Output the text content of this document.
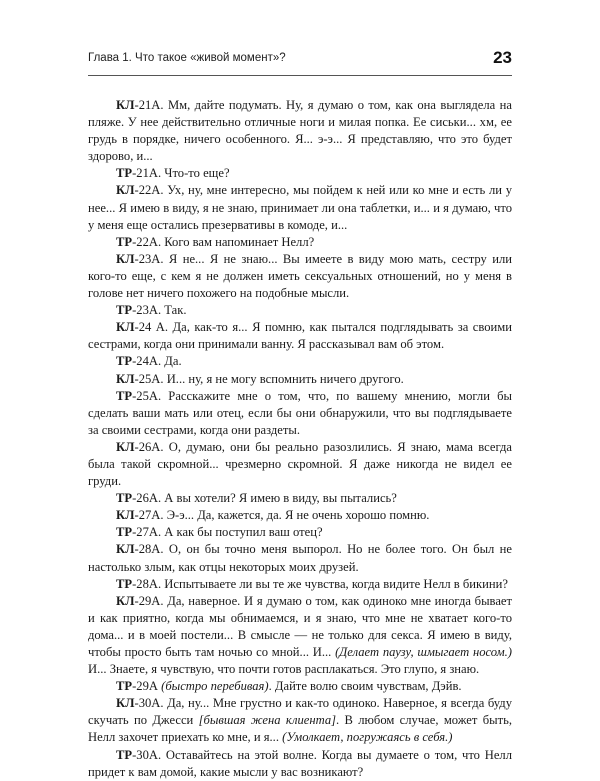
Глава 1. Что такое «живой момент»?	23

КЛ-21А. Мм, дайте подумать. Ну, я думаю о том, как она выглядела на пляже. У нее действительно отличные ноги и милая попка. Ее сиськи... хм, ее грудь в порядке, ничего особенного. Я... э-э... Я представляю, что это будет здорово, и...

ТР-21А. Что-то еще?

КЛ-22А. Ух, ну, мне интересно, мы пойдем к ней или ко мне и есть ли у нее... Я имею в виду, я не знаю, принимает ли она таблетки, и... и я думаю, что у меня еще остались презервативы в комоде, и...

ТР-22А. Кого вам напоминает Нелл?

КЛ-23А. Я не... Я не знаю... Вы имеете в виду мою мать, сестру или кого-то еще, с кем я не должен иметь сексуальных отношений, но у меня в голове нет ничего похожего на подобные мысли.

ТР-23А. Так.

КЛ-24 А. Да, как-то я... Я помню, как пытался подглядывать за своими сестрами, когда они принимали ванну. Я рассказывал вам об этом.

ТР-24А. Да.

КЛ-25А. И... ну, я не могу вспомнить ничего другого.

ТР-25А. Расскажите мне о том, что, по вашему мнению, могли бы сделать ваши мать или отец, если бы они обнаружили, что вы подглядываете за своими сестрами, когда они раздеты.

КЛ-26А. О, думаю, они бы реально разозлились. Я знаю, мама всегда была такой скромной... чрезмерно скромной. Я даже никогда не видел ее груди.

ТР-26А. А вы хотели? Я имею в виду, вы пытались?

КЛ-27А. Э-э... Да, кажется, да. Я не очень хорошо помню.

ТР-27А. А как бы поступил ваш отец?

КЛ-28А. О, он бы точно меня выпорол. Но не более того. Он был не настолько злым, как отцы некоторых моих друзей.

ТР-28А. Испытываете ли вы те же чувства, когда видите Нелл в бикини?

КЛ-29А. Да, наверное. И я думаю о том, как одиноко мне иногда бывает и как приятно, когда мы обнимаемся, и я знаю, что мне не хватает кого-то дома... и в моей постели... В смысле — не только для секса. Я имею в виду, чтобы просто быть там ночью со мной... И... (Делает паузу, шмыгает носом.) И... Знаете, я чувствую, что почти готов расплакаться. Это глупо, я знаю.

ТР-29А (быстро перебивая). Дайте волю своим чувствам, Дэйв.

КЛ-30А. Да, ну... Мне грустно и как-то одиноко. Наверное, я всегда буду скучать по Джесси [бывшая жена клиента]. В любом случае, может быть, Нелл захочет приехать ко мне, и я... (Умолкает, погружаясь в себя.)

ТР-30А. Оставайтесь на этой волне. Когда вы думаете о том, что Нелл придет к вам домой, какие мысли у вас возникают?
